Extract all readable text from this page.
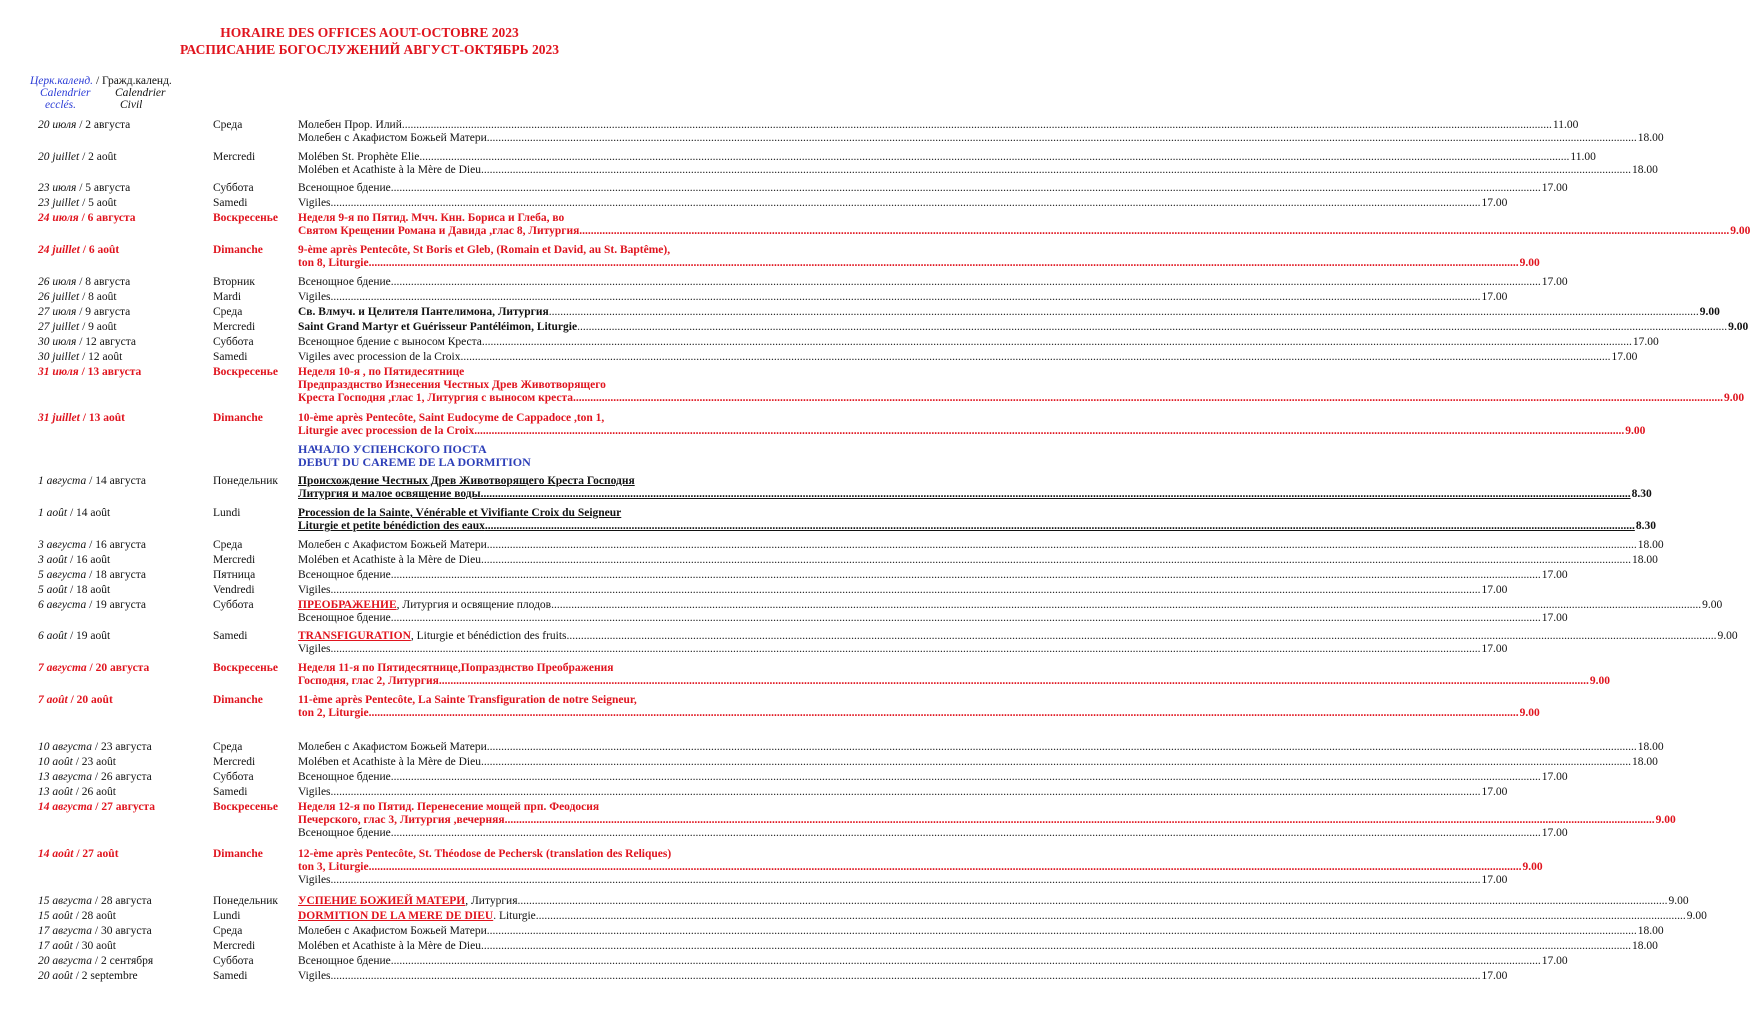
HORAIRE DES OFFICES AOUT-OCTOBRE 2023
РАСПИСАНИЕ БОГОСЛУЖЕНИЙ АВГУСТ-ОКТЯБРЬ 2023
Церк.календ. / Гражд.календ.
Calendrier Calendrier
ecclés.	Civil
20 июля / 2 августа	Среда	Молебен Прор. Илий ................................................................................................................................................................................................................................................................................................................................................................................................................ 11.00
Молебен с Акафистом Божьей Матери ................................................................................................................................................................................................................................................................................................................................................................................................................ 18.00
20 juillet / 2 août	Mercredi	Molében St. Prophète Elie ................................................................................................................................................................................................................................................................................................................................................................................................................ 11.00
Molében et Acathiste à la Mère de Dieu ................................................................................................................................................................................................................................................................................................................................................................................................................ 18.00
23 июля / 5 августа	Суббота	Всенощное бдение ................................................................................................................................................................................................................................................................................................................................................................................................................ 17.00
23 juillet / 5 août	Samedi	Vigiles ................................................................................................................................................................................................................................................................................................................................................................................................................ 17.00
24 июля / 6 августа	Воскресенье Неделя 9-я по Пятид. Мчч. Кнн. Бориса и Глеба, во
Святом Крещении Романа и Давида ,глас 8, Литургия ................................................................................................................................................................................................................................................................................................................................................................................................................ 9.00
24 juillet / 6 août	Dimanche	9-ème après Pentecôte, St Boris et Gleb, (Romain et David, au St. Baptême),
ton 8, Liturgie ................................................................................................................................................................................................................................................................................................................................................................................................................ 9.00
26 июля / 8 августа	Вторник	Всенощное бдение ................................................................................................................................................................................................................................................................................................................................................................................................................ 17.00
26 juillet / 8 août	Mardi	Vigiles ................................................................................................................................................................................................................................................................................................................................................................................................................ 17.00
27 июля / 9 августа	Среда	Св. Влмуч. и Целителя Пантелимона, Литургия ................................................................................................................................................................................................................................................................................................................................................................................................................ 9.00
27 juillet / 9 août	Mercredi	Saint Grand Martyr et Guérisseur Pantéléimon, Liturgie ................................................................................................................................................................................................................................................................................................................................................................................................................ 9.00
30 июля / 12 августа	Суббота	Всенощное бдение с выносом Креста ................................................................................................................................................................................................................................................................................................................................................................................................................ 17.00
30 juillet / 12 août	Samedi	Vigiles avec procession de la Croix ................................................................................................................................................................................................................................................................................................................................................................................................................ 17.00
31 июля / 13 августа	Воскресенье Неделя 10-я , по Пятидесятнице
Предпразднство Изнесения Честных Древ Животворящего
Креста Господня ,глас 1, Литургия с выносом креста ................................................................................................................................................................................................................................................................................................................................................................................................................ 9.00
31 juillet / 13 août	Dimanche	10-ème après Pentecôte, Saint Eudocyme de Cappadoce ,ton 1,
Liturgie avec procession de la Croix ................................................................................................................................................................................................................................................................................................................................................................................................................ 9.00
НАЧАЛО УСПЕНСКОГО ПОСТА
DEBUT DU CAREME DE LA DORMITION
1 августа / 14 августа	Понедельник Происхождение Честных Древ Животворящего Креста Господня
Литургия и малое освящение воды ................................................................................................................................................................................................................................................................................................................................................................................................................ 8.30
1 août / 14 août	Lundi	Procession de la Sainte, Vénérable et Vivifiante Croix du Seigneur
Liturgie et petite bénédiction des eaux ................................................................................................................................................................................................................................................................................................................................................................................................................ 8.30
3 августа / 16 августа	Среда	Молебен с Акафистом Божьей Матери ................................................................................................................................................................................................................................................................................................................................................................................................................ 18.00
3 août / 16 août	Mercredi	Molében et Acathiste à la Mère de Dieu ................................................................................................................................................................................................................................................................................................................................................................................................................ 18.00
5 августа / 18 августа	Пятница	Всенощное бдение ................................................................................................................................................................................................................................................................................................................................................................................................................ 17.00
5 août / 18 août	Vendredi	Vigiles ................................................................................................................................................................................................................................................................................................................................................................................................................ 17.00
6 августа / 19 августа	Суббота	ПРЕОБРАЖЕНИЕ, Литургия и освящение плодов ................................................................................................................................................................................................................................................................................................................................................................................................................ 9.00
Всенощное бдение ................................................................................................................................................................................................................................................................................................................................................................................................................ 17.00
6 août / 19 août	Samedi	TRANSFIGURATION, Liturgie et bénédiction des fruits ................................................................................................................................................................................................................................................................................................................................................................................................................ 9.00
Vigiles ................................................................................................................................................................................................................................................................................................................................................................................................................ 17.00
7 августа / 20 августа	Воскресенье Неделя 11-я по Пятидесятнице,Попразднство Преображения
Господня, глас 2, Литургия ................................................................................................................................................................................................................................................................................................................................................................................................................ 9.00
7 août / 20 août	Dimanche	11-ème après Pentecôte, La Sainte Transfiguration de notre Seigneur,
ton 2, Liturgie ................................................................................................................................................................................................................................................................................................................................................................................................................ 9.00
10 августа / 23 августа	Среда	Молебен с Акафистом Божьей Матери ................................................................................................................................................................................................................................................................................................................................................................................................................ 18.00
10 août / 23 août	Mercredi	Molében et Acathiste à la Mère de Dieu ................................................................................................................................................................................................................................................................................................................................................................................................................ 18.00
13 августа / 26 августа	Суббота	Всенощное бдение ................................................................................................................................................................................................................................................................................................................................................................................................................ 17.00
13 août / 26 août	Samedi	Vigiles ................................................................................................................................................................................................................................................................................................................................................................................................................ 17.00
14 августа / 27 августа	Воскресенье Неделя 12-я по Пятид. Перенесение мощей прп. Феодосия
Печерского, глас 3, Литургия ,вечерняя ................................................................................................................................................................................................................................................................................................................................................................................................................ 9.00
Всенощное бдение ................................................................................................................................................................................................................................................................................................................................................................................................................ 17.00
14 août / 27 août	Dimanche	12-ème après Pentecôte, St. Théodose de Pechersk (translation des Reliques)
ton 3, Liturgie. ................................................................................................................................................................................................................................................................................................................................................................................................................ 9.00
Vigiles ................................................................................................................................................................................................................................................................................................................................................................................................................ 17.00
15 августа / 28 августа	Понедельник УСПЕНИЕ БОЖИЕЙ МАТЕРИ, Литургия ................................................................................................................................................................................................................................................................................................................................................................................................................ 9.00
15 août / 28 août	Lundi	DORMITION DE LA MERE DE DIEU. Liturgie ................................................................................................................................................................................................................................................................................................................................................................................................................ 9.00
17 августа / 30 августа	Среда	Молебен с Акафистом Божьей Матери ................................................................................................................................................................................................................................................................................................................................................................................................................ 18.00
17 août / 30 août	Mercredi	Molében et Acathiste à la Mère de Dieu ................................................................................................................................................................................................................................................................................................................................................................................................................ 18.00
20 августа / 2 сентября	Суббота	Всенощное бдение ................................................................................................................................................................................................................................................................................................................................................................................................................ 17.00
20 août / 2 septembre	Samedi	Vigiles ................................................................................................................................................................................................................................................................................................................................................................................................................ 17.00
